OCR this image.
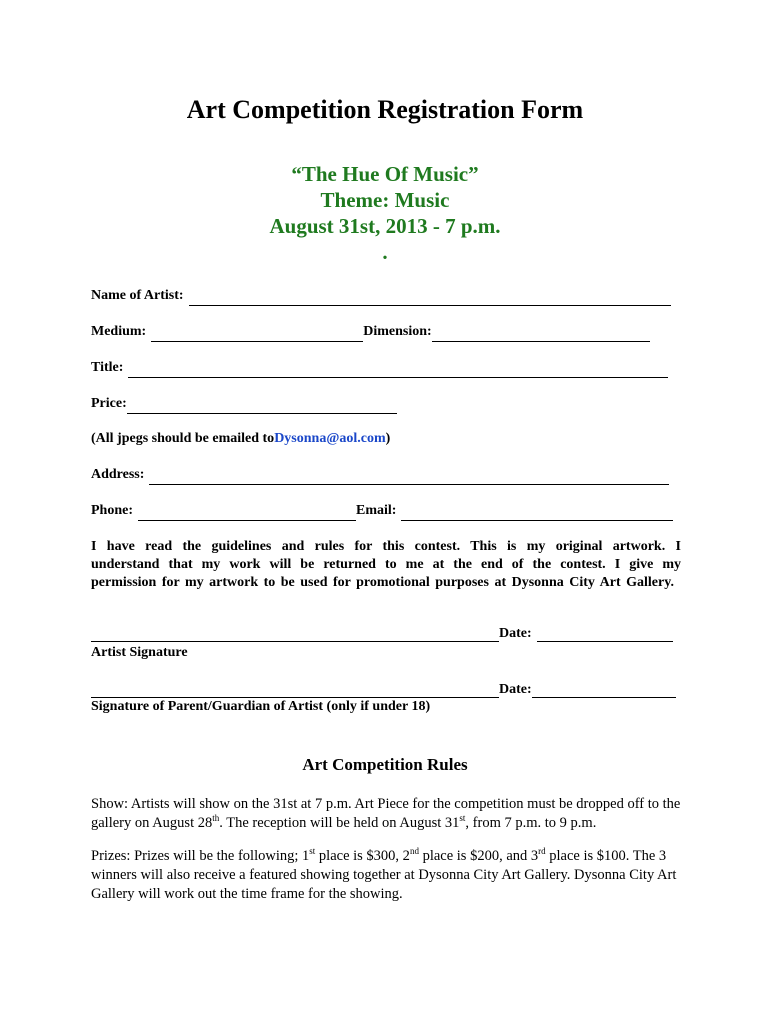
Art Competition Registration Form
“The Hue Of Music”
Theme: Music
August 31st, 2013 - 7 p.m.
.
Name of Artist:
Medium:	Dimension:
Title:
Price:
(All jpegs should be emailed to Dysonna@aol.com )
Address:
Phone:	Email:
I have read the guidelines and rules for this contest. This is my original artwork. I understand that my work will be returned to me at the end of the contest. I give my permission for my artwork to be used for promotional purposes at Dysonna City Art Gallery.
Date:
Artist Signature
Date:
Signature of Parent/Guardian of Artist (only if under 18)
Art Competition Rules
Show: Artists will show on the 31st at 7 p.m. Art Piece for the competition must be dropped off to the gallery on August 28th. The reception will be held on August 31st, from 7 p.m. to 9 p.m.
Prizes: Prizes will be the following; 1st place is $300, 2nd place is $200, and 3rd place is $100. The 3 winners will also receive a featured showing together at Dysonna City Art Gallery. Dysonna City Art Gallery will work out the time frame for the showing.
